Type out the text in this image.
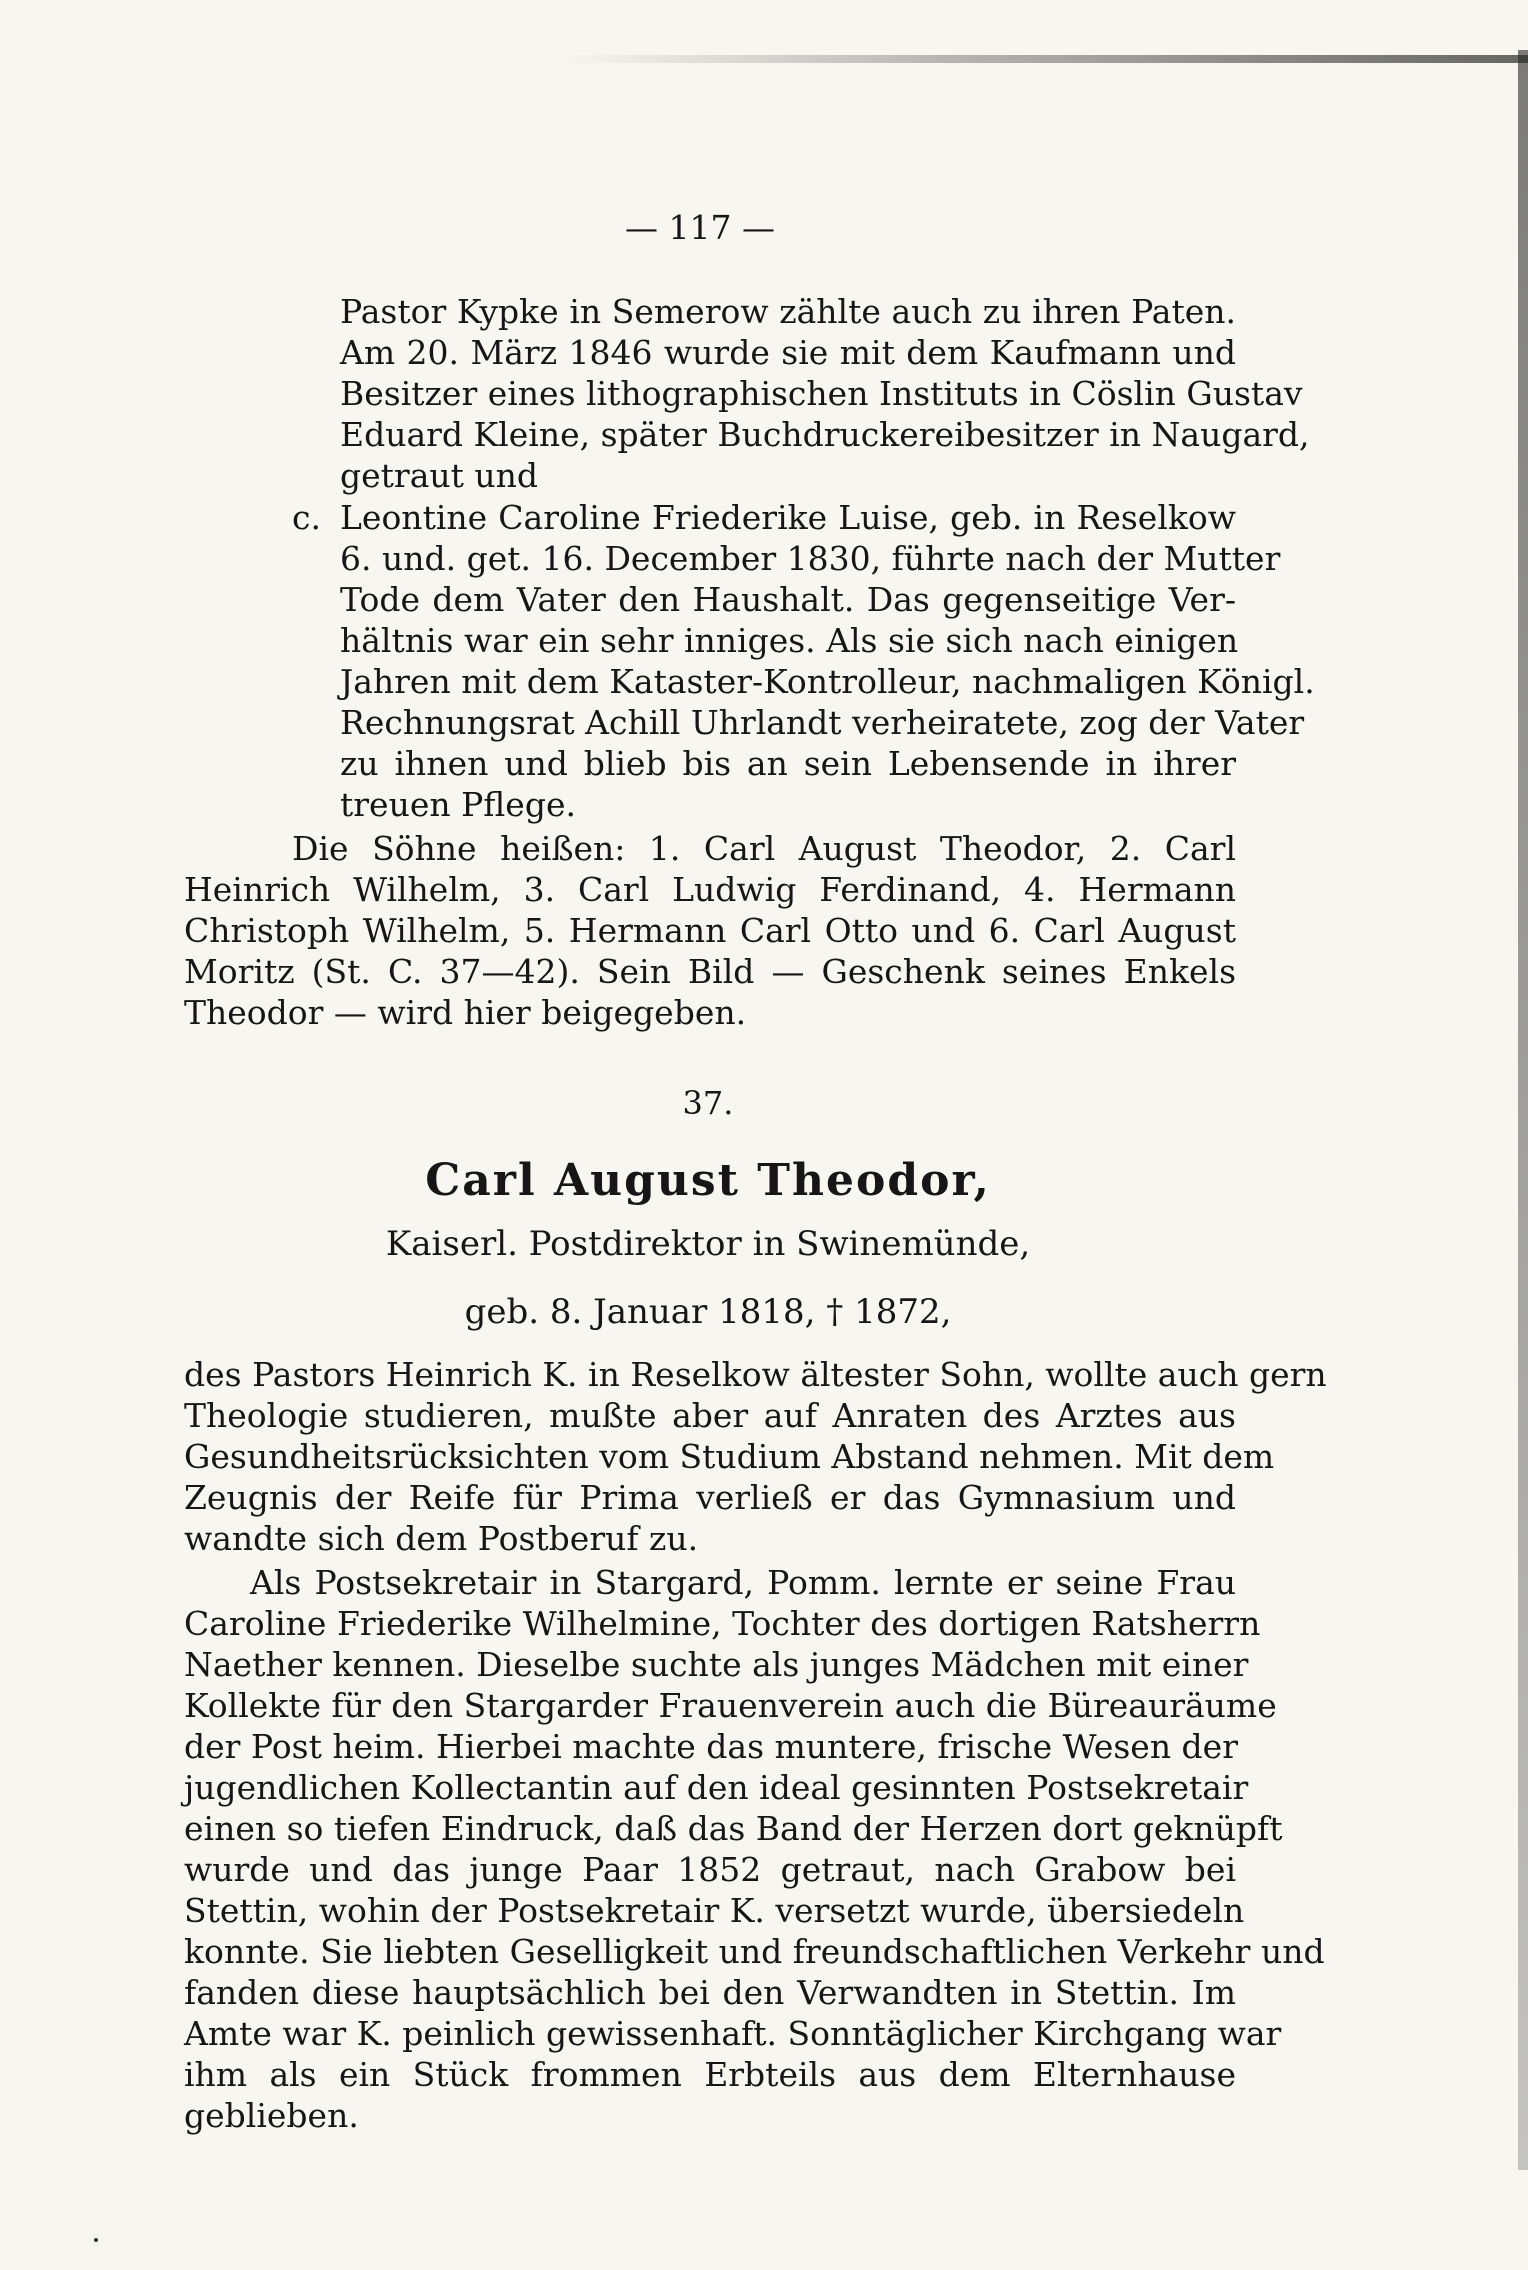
— 117 —
Pastor Kypke in Semerow zählte auch zu ihren Paten.
Am 20. März 1846 wurde sie mit dem Kaufmann und
Besitzer eines lithographischen Instituts in Cöslin Gustav
Eduard Kleine, später Buchdruckereibesitzer in Naugard,
getraut und
c. Leontine Caroline Friederike Luise, geb. in Reselkow
6. und. get. 16. December 1830, führte nach der Mutter
Tode dem Vater den Haushalt. Das gegenseitige Ver-
hältnis war ein sehr inniges. Als sie sich nach einigen
Jahren mit dem Kataster-Kontrolleur, nachmaligen Königl.
Rechnungsrat Achill Uhrlandt verheiratete, zog der Vater
zu ihnen und blieb bis an sein Lebensende in ihrer
treuen Pflege.
Die Söhne heißen: 1. Carl August Theodor, 2. Carl
Heinrich Wilhelm, 3. Carl Ludwig Ferdinand, 4. Hermann
Christoph Wilhelm, 5. Hermann Carl Otto und 6. Carl August
Moritz (St. C. 37—42). Sein Bild — Geschenk seines Enkels
Theodor — wird hier beigegeben.
37.
Carl August Theodor,
Kaiserl. Postdirektor in Swinemünde,
geb. 8. Januar 1818, † 1872,
des Pastors Heinrich K. in Reselkow ältester Sohn, wollte auch gern
Theologie studieren, mußte aber auf Anraten des Arztes aus
Gesundheitsrücksichten vom Studium Abstand nehmen. Mit dem
Zeugnis der Reife für Prima verließ er das Gymnasium und
wandte sich dem Postberuf zu.
Als Postsekretair in Stargard, Pomm. lernte er seine Frau
Caroline Friederike Wilhelmine, Tochter des dortigen Ratsherrn
Naether kennen. Dieselbe suchte als junges Mädchen mit einer
Kollekte für den Stargarder Frauenverein auch die Büreauräume
der Post heim. Hierbei machte das muntere, frische Wesen der
jugendlichen Kollectantin auf den ideal gesinnten Postsekretair
einen so tiefen Eindruck, daß das Band der Herzen dort geknüpft
wurde und das junge Paar 1852 getraut, nach Grabow bei
Stettin, wohin der Postsekretair K. versetzt wurde, übersiedeln
konnte. Sie liebten Geselligkeit und freundschaftlichen Verkehr und
fanden diese hauptsächlich bei den Verwandten in Stettin. Im
Amte war K. peinlich gewissenhaft. Sonntäglicher Kirchgang war
ihm als ein Stück frommen Erbteils aus dem Elternhause
geblieben.
